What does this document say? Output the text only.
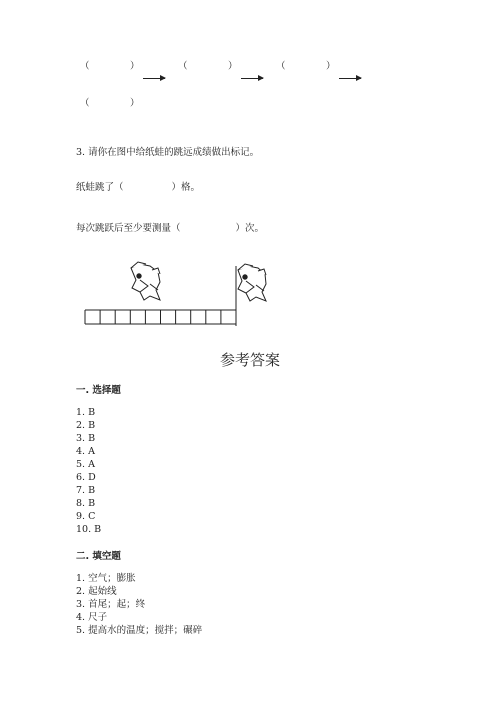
（	）	（	）	（	）
（	）
3. 请你在图中给纸蛙的跳远成绩做出标记。
纸蛙跳了（	）格。
每次跳跃后至少要测量（	）次。
参考答案
一. 选择题
1. B
2. B
3. B
4. A
5. A
6. D
7. B
8. B
9. C
10. B
二. 填空题
1. 空气；膨胀
2. 起始线
3. 首尾；起；终
4. 尺子
5. 提高水的温度；搅拌；碾碎
